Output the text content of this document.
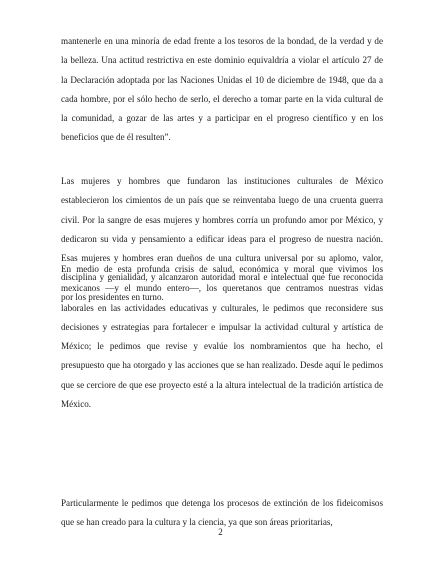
mantenerle en una minoría de edad frente a los tesoros de la bondad, de la verdad y de la belleza. Una actitud restrictiva en este dominio equivaldría a violar el artículo 27 de la Declaración adoptada por las Naciones Unidas el 10 de diciembre de 1948, que da a cada hombre, por el sólo hecho de serlo, el derecho a tomar parte en la vida cultural de la comunidad, a gozar de las artes y a participar en el progreso científico y en los beneficios que de él resulten”.

Las mujeres y hombres que fundaron las instituciones culturales de México establecieron los cimientos de un país que se reinventaba luego de una cruenta guerra civil. Por la sangre de esas mujeres y hombres corría un profundo amor por México, y dedicaron su vida y pensamiento a edificar ideas para el progreso de nuestra nación. Esas mujeres y hombres eran dueños de una cultura universal por su aplomo, valor, disciplina y genialidad, y alcanzaron autoridad moral e intelectual que fue reconocida por los presidentes en turno.

En medio de esta profunda crisis de salud, económica y moral que vivimos los mexicanos —y el mundo entero—, los queretanos que centramos nuestras vidas laborales en las actividades educativas y culturales, le pedimos que reconsidere sus decisiones y estrategias para fortalecer e impulsar la actividad cultural y artística de México; le pedimos que revise y evalúe los nombramientos que ha hecho, el presupuesto que ha otorgado y las acciones que se han realizado. Desde aquí le pedimos que se cerciore de que ese proyecto esté a la altura intelectual de la tradición artística de México.

Particularmente le pedimos que detenga los procesos de extinción de los fideicomisos que se han creado para la cultura y la ciencia, ya que son áreas prioritarias,

2
